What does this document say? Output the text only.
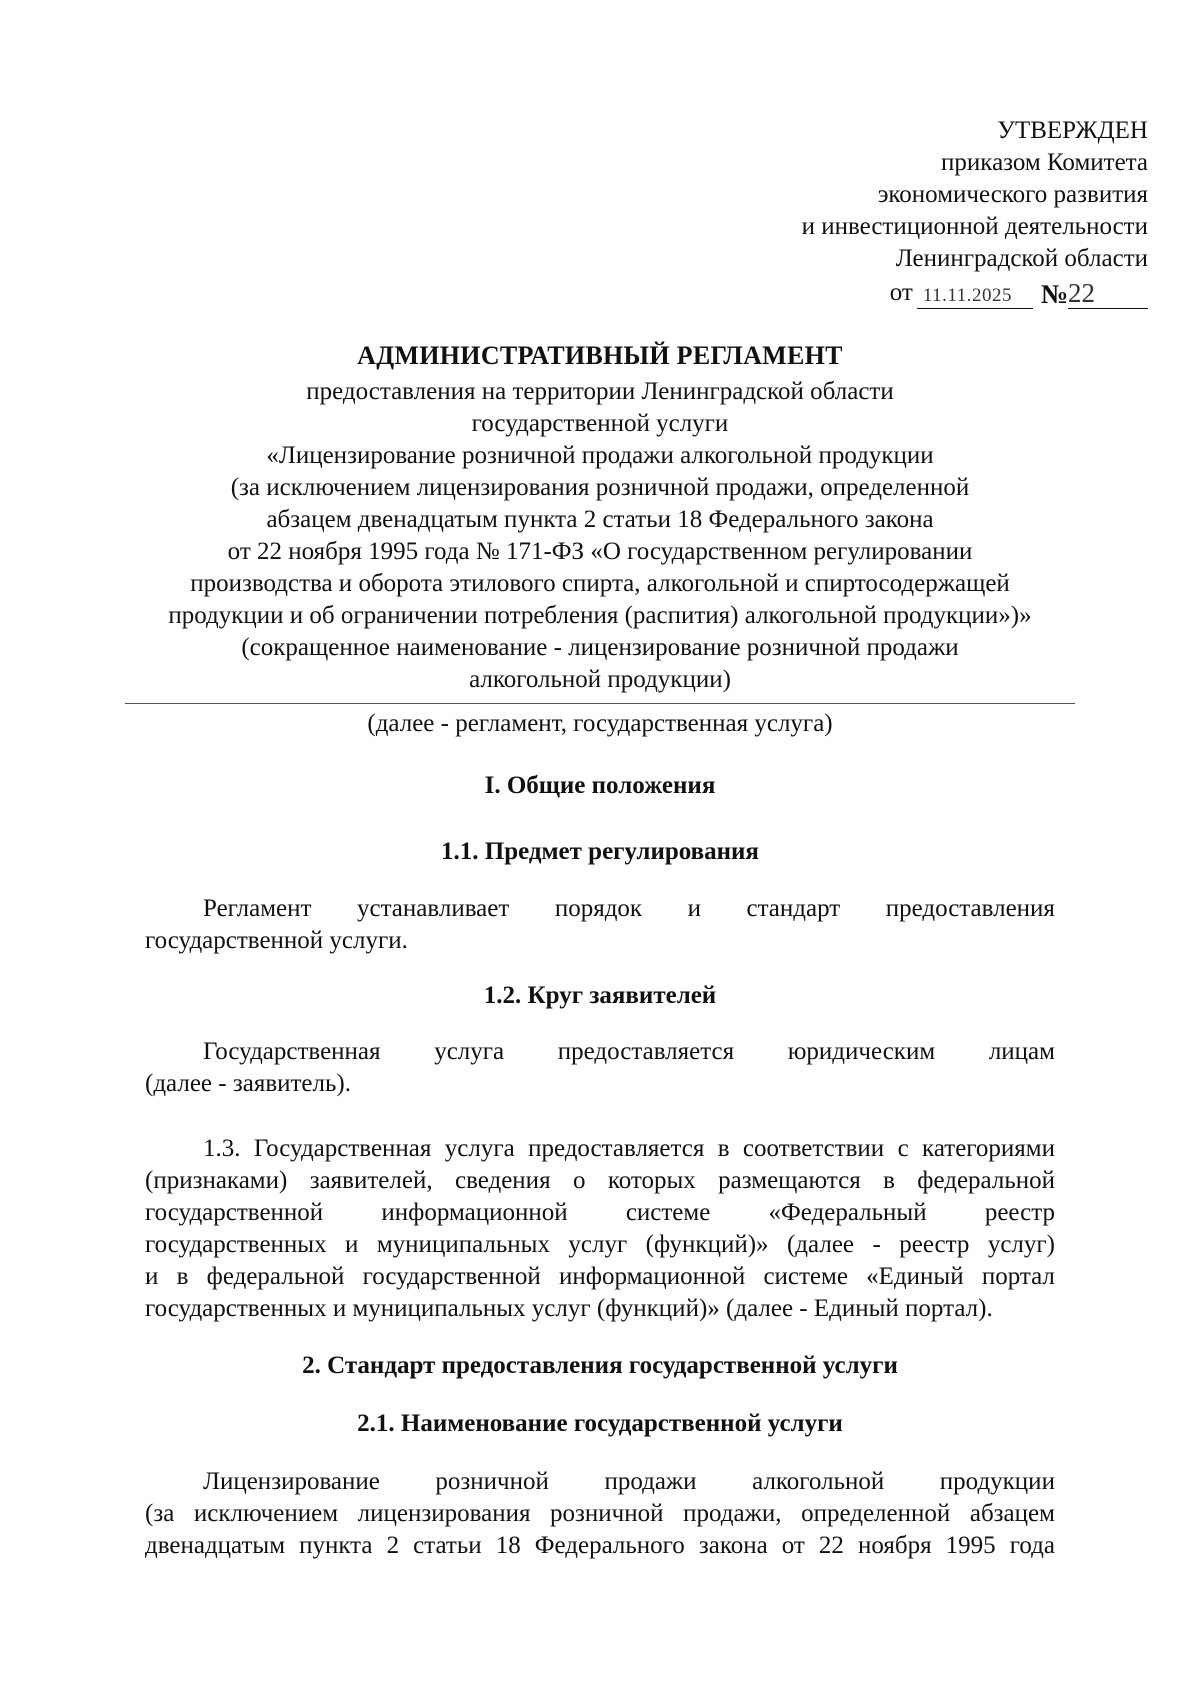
УТВЕРЖДЕН
приказом Комитета
экономического развития
и инвестиционной деятельности
Ленинградской области
от 11.11.2025	№ 22
АДМИНИСТРАТИВНЫЙ РЕГЛАМЕНТ
предоставления на территории Ленинградской области
государственной услуги
«Лицензирование розничной продажи алкогольной продукции
(за исключением лицензирования розничной продажи, определенной
абзацем двенадцатым пункта 2 статьи 18 Федерального закона
от 22 ноября 1995 года № 171-ФЗ «О государственном регулировании
производства и оборота этилового спирта, алкогольной и спиртосодержащей
продукции и об ограничении потребления (распития) алкогольной продукции»)»
(сокращенное наименование - лицензирование розничной продажи
алкогольной продукции)
(далее - регламент, государственная услуга)
I. Общие положения
1.1. Предмет регулирования
Регламент устанавливает порядок и стандарт предоставления
государственной услуги.
1.2. Круг заявителей
Государственная услуга предоставляется юридическим лицам
(далее - заявитель).
1.3. Государственная услуга предоставляется в соответствии с категориями
(признаками) заявителей, сведения о которых размещаются в федеральной
государственной информационной системе «Федеральный реестр
государственных и муниципальных услуг (функций)» (далее - реестр услуг)
и в федеральной государственной информационной системе «Единый портал
государственных и муниципальных услуг (функций)» (далее - Единый портал).
2. Стандарт предоставления государственной услуги
2.1. Наименование государственной услуги
Лицензирование розничной продажи алкогольной продукции
(за исключением лицензирования розничной продажи, определенной абзацем
двенадцатым пункта 2 статьи 18 Федерального закона от 22 ноября 1995 года
